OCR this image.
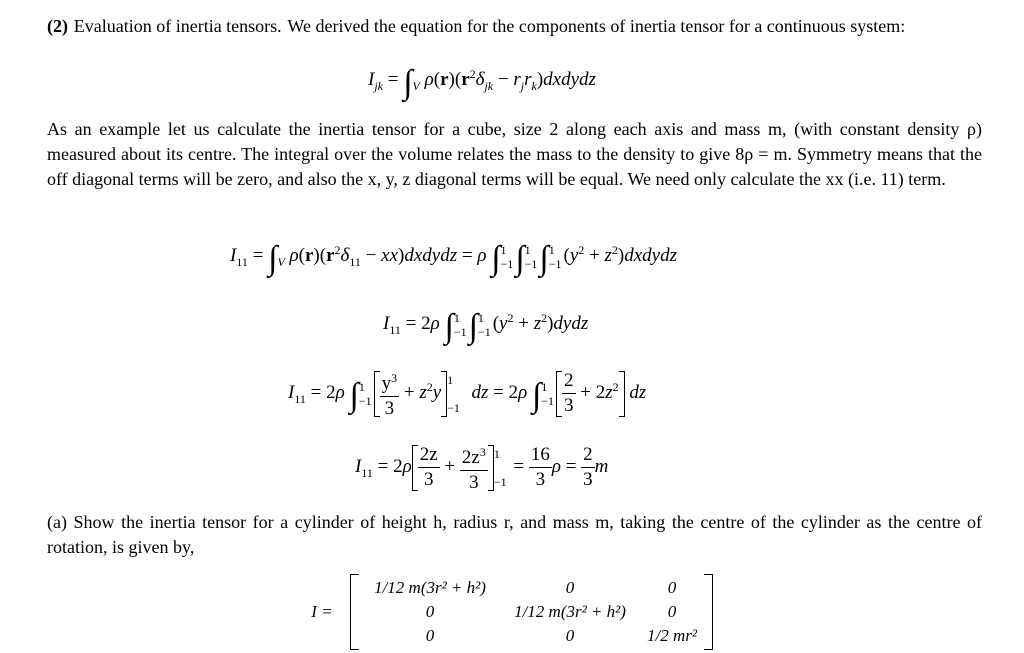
(2) Evaluation of inertia tensors. We derived the equation for the components of inertia tensor for a continuous system:
$I_{jk} = \int_V$ $\rho(r)(r^2\delta_{jk}$ − $r_jr_k)dxdydz$
As an example let us calculate the inertia tensor for a cube, size 2 along each axis and mass m, (with constant density ρ) measured about its centre. The integral over the volume relates the mass to the density to give 8ρ = m. Symmetry means that the off diagonal terms will be zero, and also the x, y, z diagonal terms will be equal. We need only calculate the xx (i.e. 11) term.
$I_{11} = \int_V$ $\rho(r)(r^2\delta_{11}$ − xx)dxdydz = ρ ∫1
−1∫1
−1∫1
−1 ($y^2$ + $z^2)dxdydz$
$I_{11} = 2\rho$ ∫1
−1∫1
−1 ($y^2$ + $z^2)dydz$
$I_{11} = 2\rho$ ∫1
$-1 \frac{y^3}{3} + z^2y1$

−1  dz = 2ρ ∫1
$-1 \frac{2}{3} + 2z^2$ dz
$I_{11} = 2\rho \frac{2z}{3} + \frac{2z^3}{3} 1$

$-1 = \frac{16}{3}$ $\rho = \frac{2}{3}$ m
(a) Show the inertia tensor for a cylinder of height h, radius r, and mass m, taking the centre of the cylinder as the centre of rotation, is given by,
I =
1/12 m(3r² + h²)	0	0
0	1/12 m(3r² + h²)	0
0	0	1/2 mr²
